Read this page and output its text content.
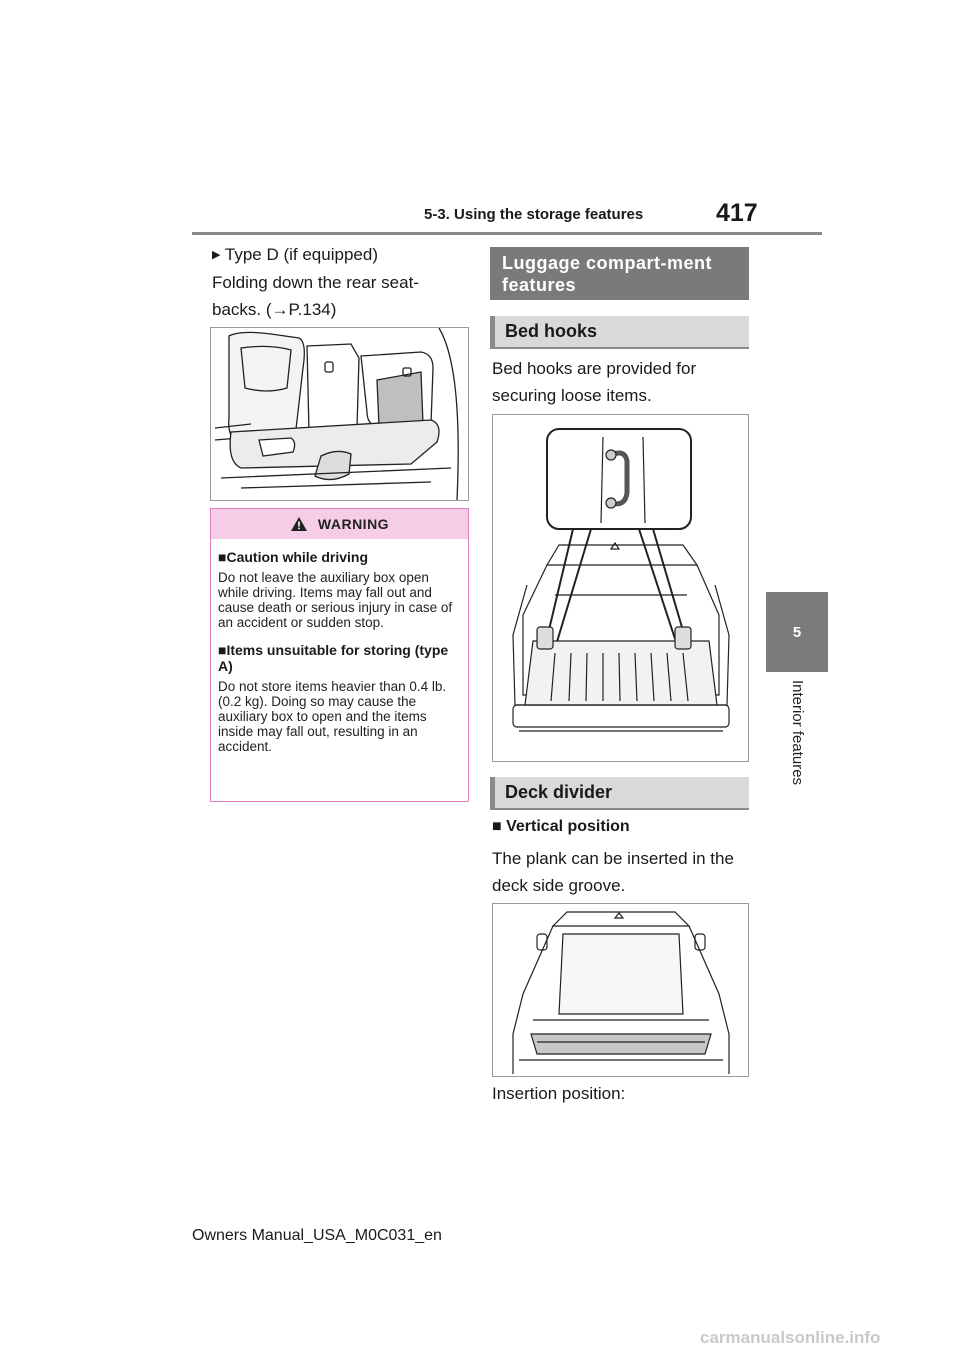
5-3. Using the storage features	417
5
Interior features
▶ Type D (if equipped)
Folding down the rear seat-
backs. (→P.134)
WARNING
■Caution while driving
Do not leave the auxiliary box open while driving. Items may fall out and cause death or serious injury in case of an accident or sudden stop.
■Items unsuitable for storing (type A)
Do not store items heavier than 0.4 lb. (0.2 kg). Doing so may cause the auxiliary box to open and the items inside may fall out, resulting in an accident.
Luggage compart-ment features
Bed hooks
Bed hooks are provided for
securing loose items.
Deck divider
■ Vertical position
The plank can be inserted in the
deck side groove.
Insertion position:
Owners Manual_USA_M0C031_en
carmanualsonline.info
